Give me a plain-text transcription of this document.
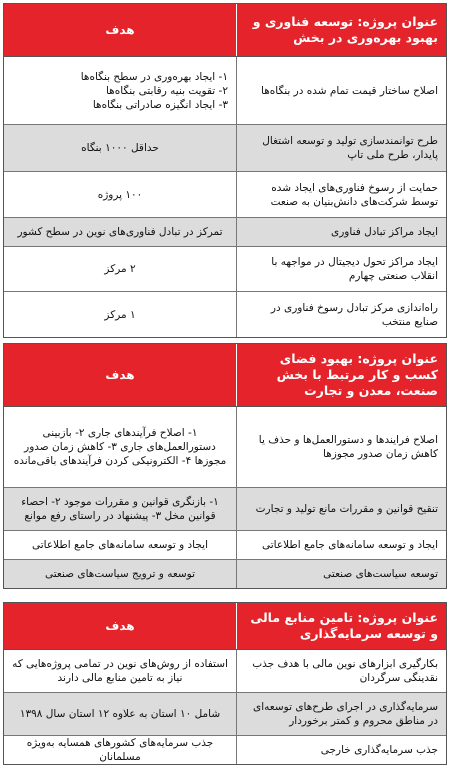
عنوان پروژه: توسعه فناوری و بهبود بهره‌وری در بخش
هدف
اصلاح ساختار قیمت تمام شده در بنگاه‌ها
۱- ایجاد بهره‌وری در سطح بنگاه‌ها
۲- تقویت بنیه رقابتی بنگاه‌ها
۳- ایجاد انگیزه صادراتی بنگاه‌ها
طرح توانمندسازی تولید و توسعه اشتغال پایدار، طرح ملی تاپ
حداقل ۱۰۰۰ بنگاه
حمایت از رسوخ فناوری‌های ایجاد شده توسط شرکت‌های دانش‌بنیان به صنعت
۱۰۰ پروژه
ایجاد مراکز تبادل فناوری
تمرکز در تبادل فناوری‌های نوین در سطح کشور
ایجاد مراکز تحول دیجیتال در مواجهه با انقلاب صنعتی چهارم
۲ مرکز
راه‌اندازی مرکز تبادل رسوخ فناوری در صنایع منتخب
۱ مرکز
عنوان پروژه: بهبود فضای کسب و کار مرتبط با بخش صنعت، معدن و تجارت
هدف
اصلاح فرایندها و دستورالعمل‌ها و حذف یا کاهش زمان صدور مجوزها
۱- اصلاح فرآیندهای جاری ۲- بازبینی دستورالعمل‌های جاری ۳- کاهش زمان صدور مجوزها ۴- الکترونیکی کردن فرآیندهای باقی‌مانده
تنقیح قوانین و مقررات مانع تولید و تجارت
۱- بازنگری قوانین و مقررات موجود ۲- احصاء قوانین مخل ۳- پیشنهاد در راستای رفع موانع
ایجاد و توسعه سامانه‌های جامع اطلاعاتی
ایجاد و توسعه سامانه‌های جامع اطلاعاتی
توسعه سیاست‌های صنعتی
توسعه و ترویج سیاست‌های صنعتی
عنوان پروژه: تامین منابع مالی و توسعه سرمایه‌گذاری
هدف
بکارگیری ابزارهای نوین مالی با هدف جذب نقدینگی سرگردان
استفاده از روش‌های نوین در تمامی پروژه‌هایی که نیاز به تامین منابع مالی دارند
سرمایه‌گذاری در اجرای طرح‌های توسعه‌ای در مناطق محروم و کمتر برخوردار
شامل ۱۰ استان به علاوه ۱۲ استان سال ۱۳۹۸
جذب سرمایه‌گذاری خارجی
جذب سرمایه‌های کشورهای همسایه به‌ویژه مسلمانان
